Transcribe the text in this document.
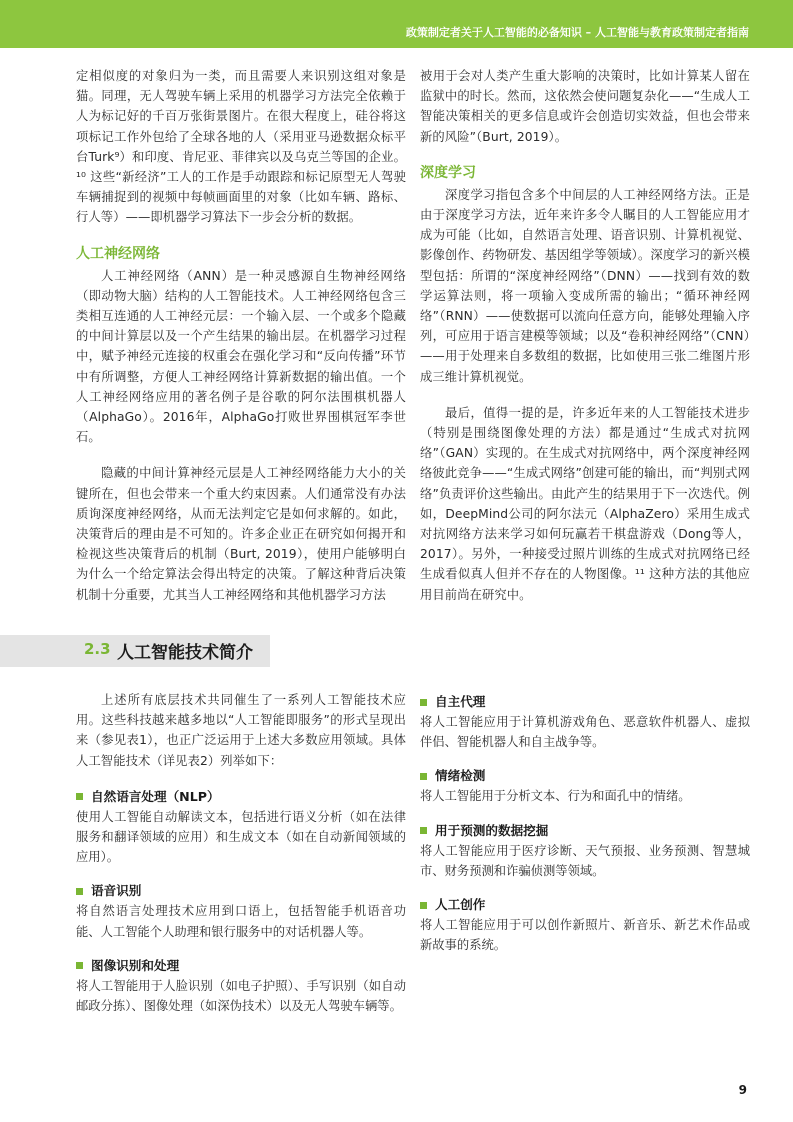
政策制定者关于人工智能的必备知识 – 人工智能与教育政策制定者指南

定相似度的对象归为一类，而且需要人来识别这组对象是猫。同理，无人驾驶车辆上采用的机器学习方法完全依赖于人为标记好的千百万张街景图片。在很大程度上，硅谷将这项标记工作外包给了全球各地的人（采用亚马逊数据众标平台Turk⁹）和印度、肯尼亚、菲律宾以及乌克兰等国的企业。¹⁰ 这些“新经济”工人的工作是手动跟踪和标记原型无人驾驶车辆捕捉到的视频中每帧画面里的对象（比如车辆、路标、行人等）——即机器学习算法下一步会分析的数据。

人工神经网络

人工神经网络（ANN）是一种灵感源自生物神经网络（即动物大脑）结构的人工智能技术。人工神经网络包含三类相互连通的人工神经元层：一个输入层、一个或多个隐藏的中间计算层以及一个产生结果的输出层。在机器学习过程中，赋予神经元连接的权重会在强化学习和“反向传播”环节中有所调整，方便人工神经网络计算新数据的输出值。一个人工神经网络应用的著名例子是谷歌的阿尔法围棋机器人（AlphaGo）。2016年，AlphaGo打败世界围棋冠军李世石。

隐藏的中间计算神经元层是人工神经网络能力大小的关键所在，但也会带来一个重大约束因素。人们通常没有办法质询深度神经网络，从而无法判定它是如何求解的。如此，决策背后的理由是不可知的。许多企业正在研究如何揭开和检视这些决策背后的机制（Burt, 2019），使用户能够明白为什么一个给定算法会得出特定的决策。了解这种背后决策机制十分重要，尤其当人工神经网络和其他机器学习方法

被用于会对人类产生重大影响的决策时，比如计算某人留在监狱中的时长。然而，这依然会使问题复杂化——“生成人工智能决策相关的更多信息或许会创造切实效益，但也会带来新的风险”（Burt, 2019）。

深度学习

深度学习指包含多个中间层的人工神经网络方法。正是由于深度学习方法，近年来许多令人瞩目的人工智能应用才成为可能（比如，自然语言处理、语音识别、计算机视觉、影像创作、药物研发、基因组学等领域）。深度学习的新兴模型包括：所谓的“深度神经网络”（DNN）——找到有效的数学运算法则，将一项输入变成所需的输出；“循环神经网络”（RNN）——使数据可以流向任意方向，能够处理输入序列，可应用于语言建模等领域；以及“卷积神经网络”（CNN）——用于处理来自多数组的数据，比如使用三张二维图片形成三维计算机视觉。

最后，值得一提的是，许多近年来的人工智能技术进步（特别是围绕图像处理的方法）都是通过“生成式对抗网络”（GAN）实现的。在生成式对抗网络中，两个深度神经网络彼此竞争——“生成式网络”创建可能的输出，而“判别式网络”负责评价这些输出。由此产生的结果用于下一次迭代。例如，DeepMind公司的阿尔法元（AlphaZero）采用生成式对抗网络方法来学习如何玩赢若干棋盘游戏（Dong等人，2017）。另外，一种接受过照片训练的生成式对抗网络已经生成看似真人但并不存在的人物图像。¹¹ 这种方法的其他应用目前尚在研究中。

2.3 人工智能技术简介

上述所有底层技术共同催生了一系列人工智能技术应用。这些科技越来越多地以“人工智能即服务”的形式呈现出来（参见表1），也正广泛运用于上述大多数应用领域。具体人工智能技术（详见表2）列举如下：

自然语言处理（NLP）

使用人工智能自动解读文本，包括进行语义分析（如在法律服务和翻译领域的应用）和生成文本（如在自动新闻领域的应用）。

语音识别

将自然语言处理技术应用到口语上，包括智能手机语音功能、人工智能个人助理和银行服务中的对话机器人等。

图像识别和处理

将人工智能用于人脸识别（如电子护照）、手写识别（如自动邮政分拣）、图像处理（如深伪技术）以及无人驾驶车辆等。

自主代理

将人工智能应用于计算机游戏角色、恶意软件机器人、虚拟伴侣、智能机器人和自主战争等。

情绪检测

将人工智能用于分析文本、行为和面孔中的情绪。

用于预测的数据挖掘

将人工智能应用于医疗诊断、天气预报、业务预测、智慧城市、财务预测和诈骗侦测等领域。

人工创作

将人工智能应用于可以创作新照片、新音乐、新艺术作品或新故事的系统。

9
